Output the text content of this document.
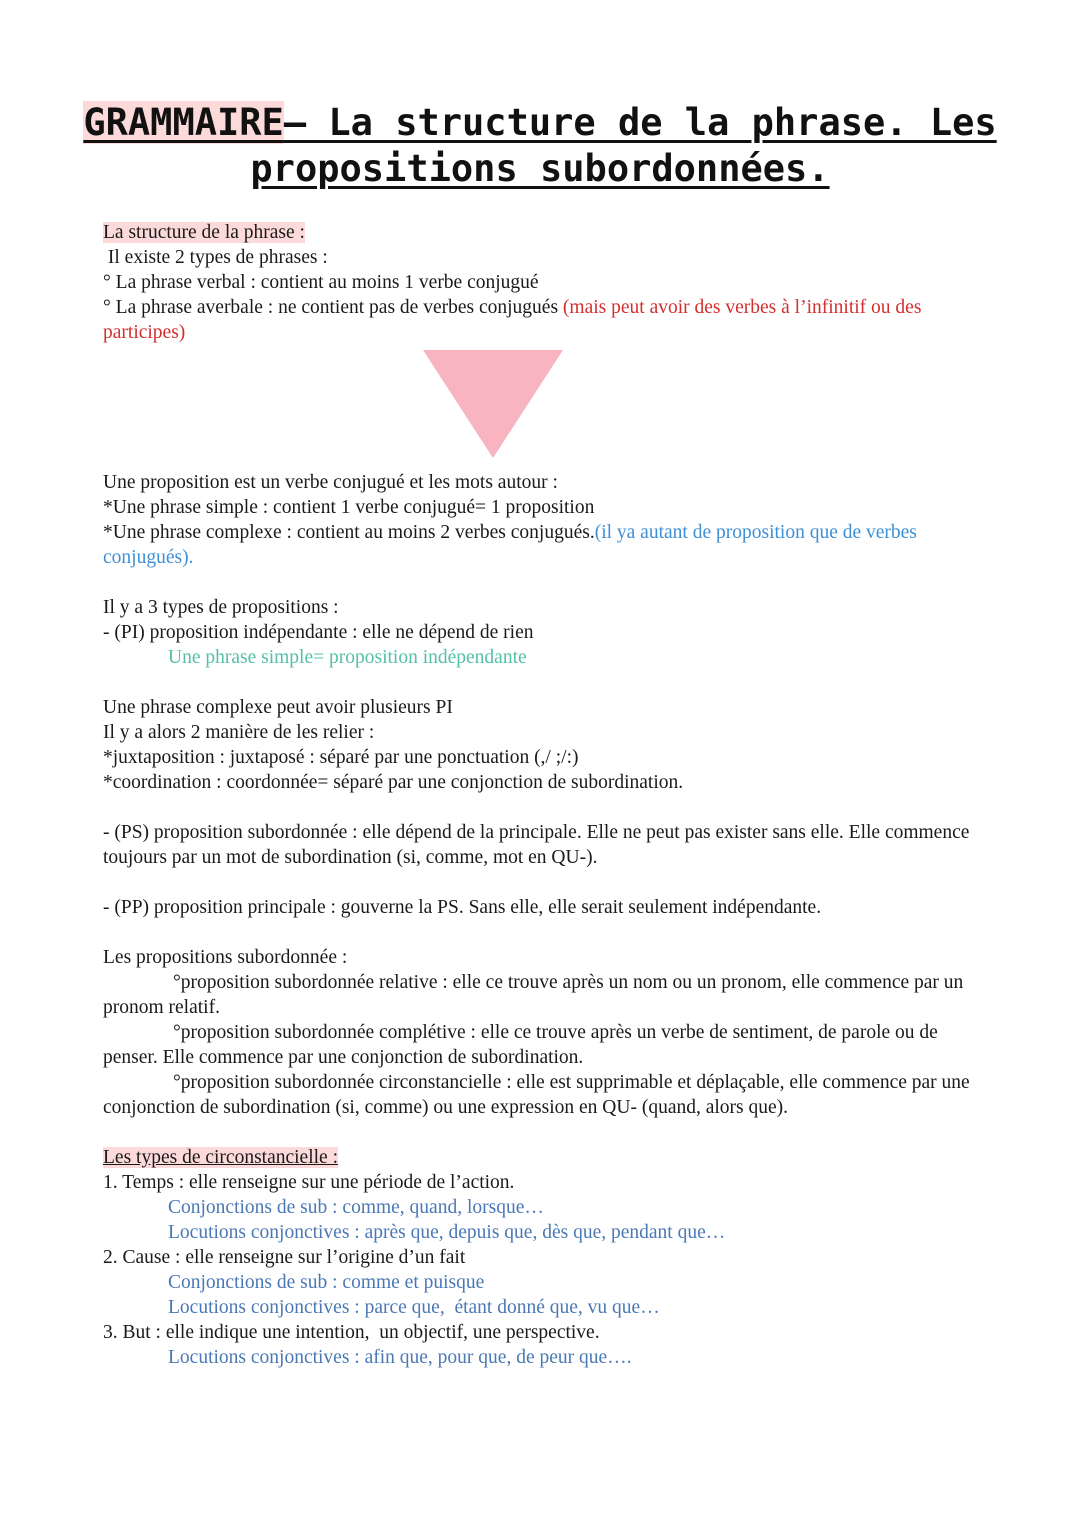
GRAMMAIRE– La structure de la phrase. Les propositions subordonnées.
La structure de la phrase :
Il existe 2 types de phrases :
° La phrase verbal : contient au moins 1 verbe conjugué
° La phrase averbale : ne contient pas de verbes conjugués (mais peut avoir des verbes à l’infinitif ou des participes)
Une proposition est un verbe conjugué et les mots autour :
*Une phrase simple : contient 1 verbe conjugué= 1 proposition
*Une phrase complexe : contient au moins 2 verbes conjugués.(il ya autant de proposition que de verbes conjugués).
Il y a 3 types de propositions :
- (PI) proposition indépendante : elle ne dépend de rien
Une phrase simple= proposition indépendante
Une phrase complexe peut avoir plusieurs PI
Il y a alors 2 manière de les relier :
*juxtaposition : juxtaposé : séparé par une ponctuation (,/ ;/:)
*coordination : coordonnée= séparé par une conjonction de subordination.
- (PS) proposition subordonnée : elle dépend de la principale. Elle ne peut pas exister sans elle. Elle commence toujours par un mot de subordination (si, comme, mot en QU-).
- (PP) proposition principale : gouverne la PS. Sans elle, elle serait seulement indépendante.
Les propositions subordonnée :
°proposition subordonnée relative : elle ce trouve après un nom ou un pronom, elle commence par un pronom relatif.
°proposition subordonnée complétive : elle ce trouve après un verbe de sentiment, de parole ou de penser. Elle commence par une conjonction de subordination.
°proposition subordonnée circonstancielle : elle est supprimable et déplaçable, elle commence par une conjonction de subordination (si, comme) ou une expression en QU- (quand, alors que).
Les types de circonstancielle :
1. Temps : elle renseigne sur une période de l’action.
Conjonctions de sub : comme, quand, lorsque…
Locutions conjonctives : après que, depuis que, dès que, pendant que…
2. Cause : elle renseigne sur l’origine d’un fait
Conjonctions de sub : comme et puisque
Locutions conjonctives : parce que,  étant donné que, vu que…
3. But : elle indique une intention,  un objectif, une perspective.
Locutions conjonctives : afin que, pour que, de peur que….
